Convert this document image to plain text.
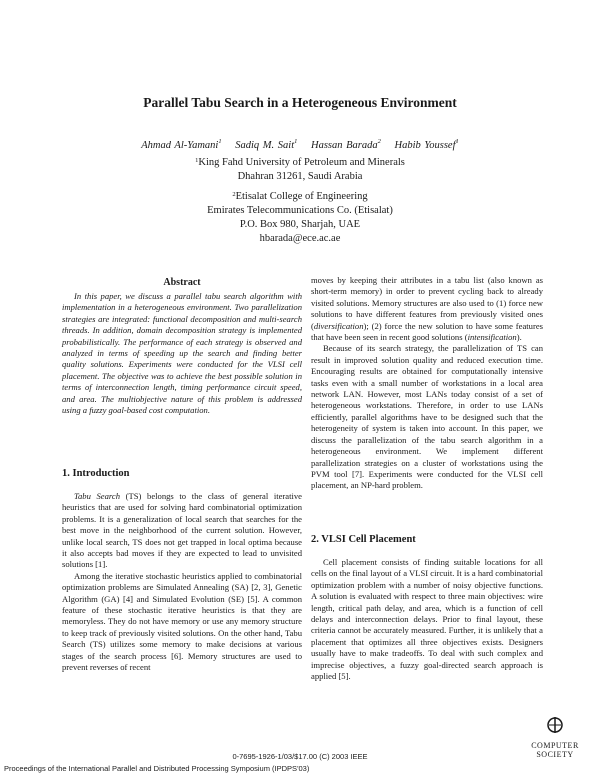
Parallel Tabu Search in a Heterogeneous Environment
Ahmad Al-Yamani$^1$ Sadiq M. Sait$^1$ Hassan Barada$^2$ Habib Youssef$^1$
$^1$King Fahd University of Petroleum and Minerals
Dhahran 31261, Saudi Arabia
$^2$Etisalat College of Engineering
Emirates Telecommunications Co. (Etisalat)
P.O. Box 980, Sharjah, UAE
hbarada@ece.ac.ae
Abstract

In this paper, we discuss a parallel tabu search algorithm with implementation in a heterogeneous environment. Two parallelization strategies are integrated: functional decomposition and multi-search threads. In addition, domain decomposition strategy is implemented probabilistically. The performance of each strategy is observed and analyzed in terms of speeding up the search and finding better quality solutions. Experiments were conducted for the VLSI cell placement. The objective was to achieve the best possible solution in terms of interconnection length, timing performance circuit speed, and area. The multiobjective nature of this problem is addressed using a fuzzy goal-based cost computation.

1. Introduction

Tabu Search (TS) belongs to the class of general iterative heuristics that are used for solving hard combinatorial optimization problems. It is a generalization of local search that searches for the best move in the neighborhood of the current solution. However, unlike local search, TS does not get trapped in local optima because it also accepts bad moves if they are expected to lead to unvisited solutions [1].

Among the iterative stochastic heuristics applied to combinatorial optimization problems are Simulated Annealing (SA) [2, 3], Genetic Algorithm (GA) [4] and Simulated Evolution (SE) [5]. A common feature of these stochastic iterative heuristics is that they are memoryless. They do not have memory or use any memory structure to keep track of previously visited solutions. On the other hand, Tabu Search (TS) utilizes some memory to make decisions at various stages of the search process [6]. Memory structures are used to prevent reverses of recent

moves by keeping their attributes in a tabu list (also known as short-term memory) in order to prevent cycling back to already visited solutions. Memory structures are also used to (1) force new solutions to have different features from previously visited ones (diversification); (2) force the new solution to have some features that have been seen in recent good solutions (intensification).

Because of its search strategy, the parallelization of TS can result in improved solution quality and reduced execution time. Encouraging results are obtained for computationally intensive tasks even with a small number of workstations in a local area network LAN. However, most LANs today consist of a set of heterogeneous workstations. Therefore, in order to use LANs efficiently, parallel algorithms have to be designed such that the heterogeneity of system is taken into account. In this paper, we discuss the parallelization of the tabu search algorithm in a heterogeneous environment. We implement different parallelization strategies on a cluster of workstations using the PVM tool [7]. Experiments were conducted for the VLSI cell placement, an NP-hard problem.

2. VLSI Cell Placement

Cell placement consists of finding suitable locations for all cells on the final layout of a VLSI circuit. It is a hard combinatorial optimization problem with a number of noisy objective functions. A solution is evaluated with respect to three main objectives: wire length, critical path delay, and area, which is a function of cell delays and interconnection delays. Prior to final layout, these criteria cannot be accurately measured. Further, it is unlikely that a placement that optimizes all three objectives exists. Designers usually have to make tradeoffs. To deal with such complex and imprecise objectives, a fuzzy goal-directed search approach is applied [5].

COMPUTER
SOCIETY
0-7695-1926-1/03/$17.00 (C) 2003 IEEE
Proceedings of the International Parallel and Distributed Processing Symposium (IPDPS'03)
